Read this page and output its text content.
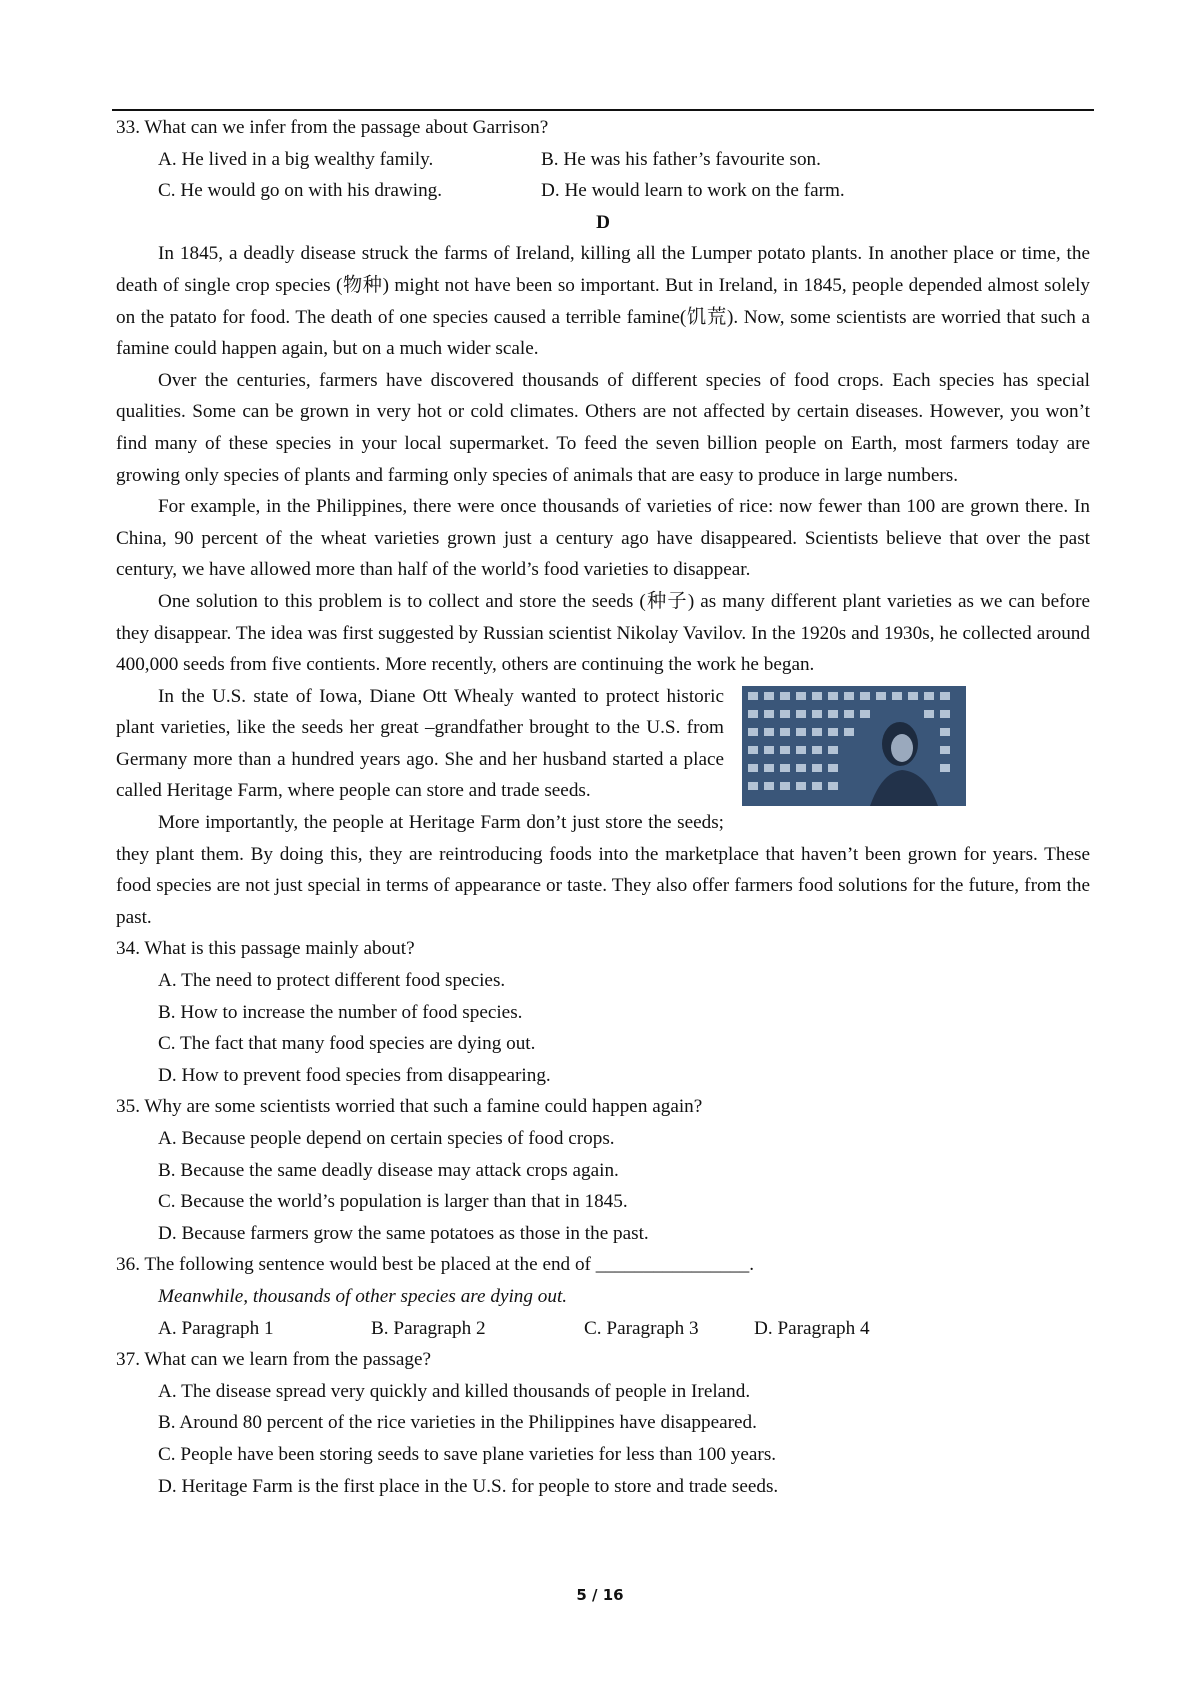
33. What can we infer from the passage about Garrison?

A. He lived in a big wealthy family.	B. He was his father’s favourite son.
C. He would go on with his drawing.	D. He would learn to work on the farm.

D

In 1845, a deadly disease struck the farms of Ireland, killing all the Lumper potato plants. In another place or time, the death of single crop species (物种) might not have been so important. But in Ireland, in 1845, people depended almost solely on the patato for food. The death of one species caused a terrible famine(饥荒). Now, some scientists are worried that such a famine could happen again, but on a much wider scale.

Over the centuries, farmers have discovered thousands of different species of food crops. Each species has special qualities. Some can be grown in very hot or cold climates. Others are not affected by certain diseases. However, you won’t find many of these species in your local supermarket. To feed the seven billion people on Earth, most farmers today are growing only species of plants and farming only species of animals that are easy to produce in large numbers.

For example, in the Philippines, there were once thousands of varieties of rice: now fewer than 100 are grown there. In China, 90 percent of the wheat varieties grown just a century ago have disappeared. Scientists believe that over the past century, we have allowed more than half of the world’s food varieties to disappear.

One solution to this problem is to collect and store the seeds (种子) as many different plant varieties as we can before they disappear. The idea was first suggested by Russian scientist Nikolay Vavilov. In the 1920s and 1930s, he collected around 400,000 seeds from five contients. More recently, others are continuing the work he began.

In the U.S. state of Iowa, Diane Ott Whealy wanted to protect historic plant varieties, like the seeds her great –grandfather brought to the U.S. from Germany more than a hundred years ago. She and her husband started a place called Heritage Farm, where people can store and trade seeds.

More importantly, the people at Heritage Farm don’t just store the seeds; they plant them. By doing this, they are reintroducing foods into the marketplace that haven’t been grown for years. These food species are not just special in terms of appearance or taste. They also offer farmers food solutions for the future, from the past.

34. What is this passage mainly about?

A. The need to protect different food species.

B. How to increase the number of food species.

C. The fact that many food species are dying out.

D. How to prevent food species from disappearing.

35. Why are some scientists worried that such a famine could happen again?

A. Because people depend on certain species of food crops.

B. Because the same deadly disease may attack crops again.

C. Because the world’s population is larger than that in 1845.

D. Because farmers grow the same potatoes as those in the past.

36. The following sentence would best be placed at the end of ________________.

Meanwhile, thousands of other species are dying out.

A. Paragraph 1	B. Paragraph 2	C. Paragraph 3	D. Paragraph 4

37. What can we learn from the passage?

A. The disease spread very quickly and killed thousands of people in Ireland.

B. Around 80 percent of the rice varieties in the Philippines have disappeared.

C. People have been storing seeds to save plane varieties for less than 100 years.

D. Heritage Farm is the first place in the U.S. for people to store and trade seeds.

5 / 16
